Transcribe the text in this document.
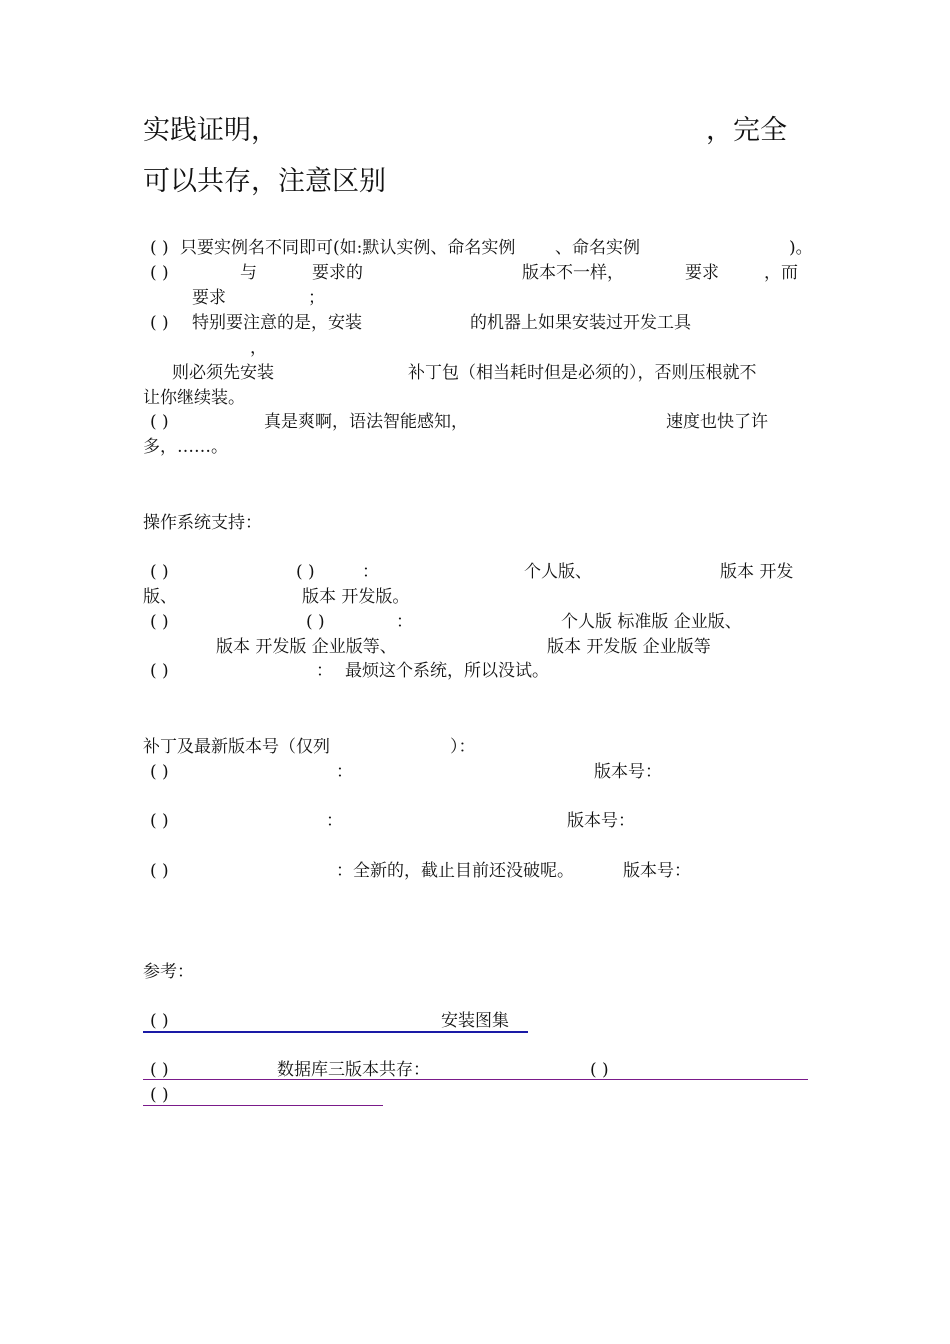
实践证明，	，完全
可以共存，注意区别
( ) 只要实例名不同即可(如:默认实例、命名实例 、命名实例	)。
( )	与	要求的	版本不一样，	要求	，而
要求	；
( ) 特别要注意的是，安装	的机器上如果安装过开发工具
，
则必须先安装	补丁包（相当耗时但是必须的），否则压根就不
让你继续装。
( )	真是爽啊，语法智能感知，	速度也快了许
多，……。
操作系统支持：
( )	( )	：	个人版、	版本 开发
版、	版本 开发版。
( )	( )	：	个人版 标准版 企业版、
版本 开发版 企业版等、	版本 开发版 企业版等
( )	： 最烦这个系统，所以没试。
补丁及最新版本号（仅列	）：
( )	：	版本号：
( )	：	版本号：
( )	：全新的，截止目前还没破呢。	版本号：
参考：
( )	安装图集
( )	数据库三版本共存：	( )
( )
